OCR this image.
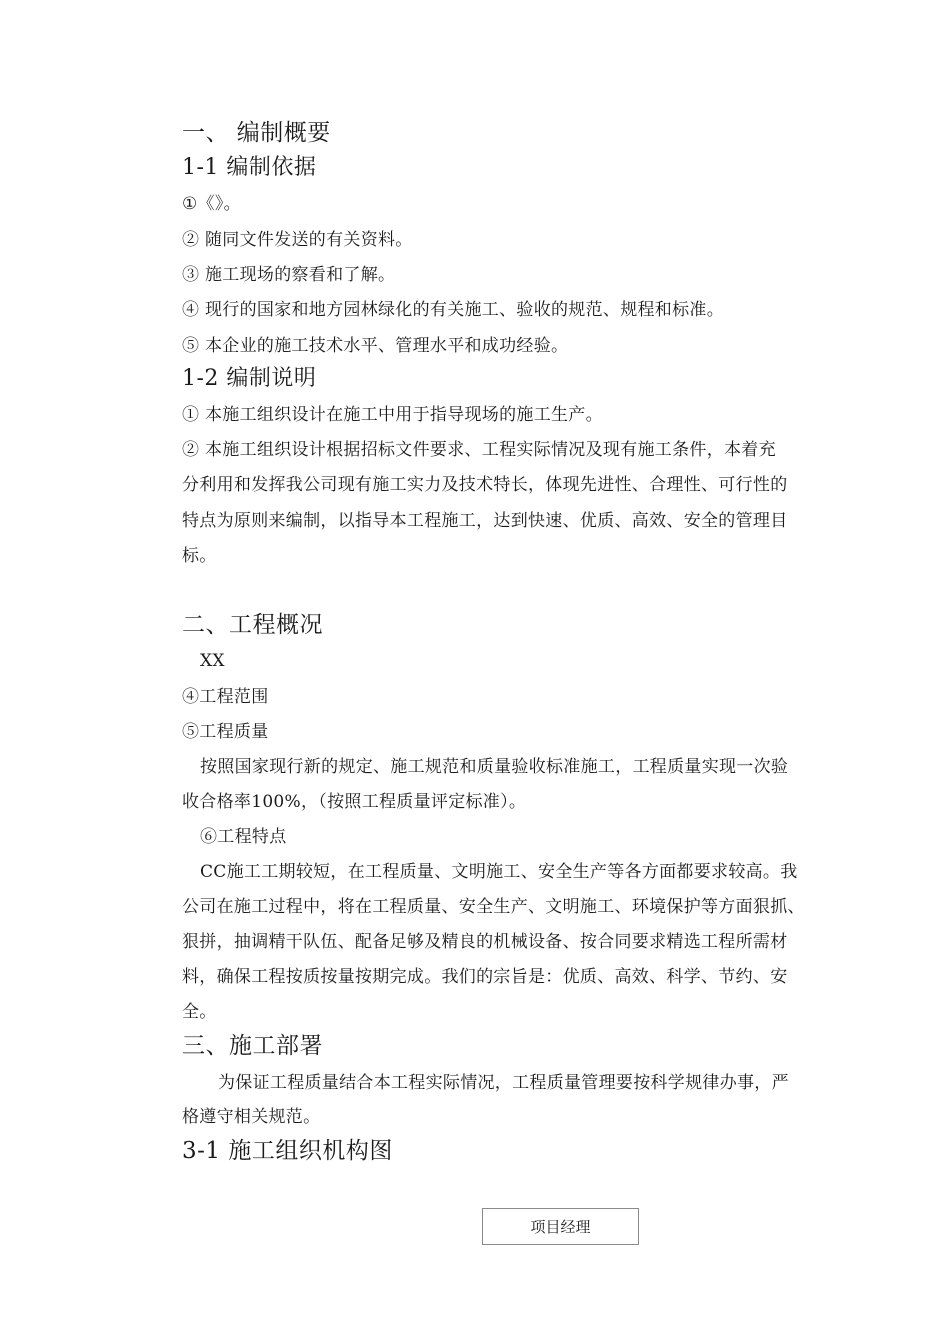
一、 编制概要
1-1 编制依据
①《》。
② 随同文件发送的有关资料。
③ 施工现场的察看和了解。
④ 现行的国家和地方园林绿化的有关施工、验收的规范、规程和标准。
⑤ 本企业的施工技术水平、管理水平和成功经验。
1-2 编制说明
① 本施工组织设计在施工中用于指导现场的施工生产。
② 本施工组织设计根据招标文件要求、工程实际情况及现有施工条件，本着充
分利用和发挥我公司现有施工实力及技术特长，体现先进性、合理性、可行性的
特点为原则来编制，以指导本工程施工，达到快速、优质、高效、安全的管理目
标。
二、工程概况
XX
④工程范围
⑤工程质量
按照国家现行新的规定、施工规范和质量验收标准施工，工程质量实现一次验
收合格率100%，（按照工程质量评定标准）。
⑥工程特点
CC施工工期较短，在工程质量、文明施工、安全生产等各方面都要求较高。我
公司在施工过程中，将在工程质量、安全生产、文明施工、环境保护等方面狠抓、
狠拼，抽调精干队伍、配备足够及精良的机械设备、按合同要求精选工程所需材
料，确保工程按质按量按期完成。我们的宗旨是：优质、高效、科学、节约、安
全。
三、施工部署
为保证工程质量结合本工程实际情况，工程质量管理要按科学规律办事，严
格遵守相关规范。
3-1 施工组织机构图
项目经理
